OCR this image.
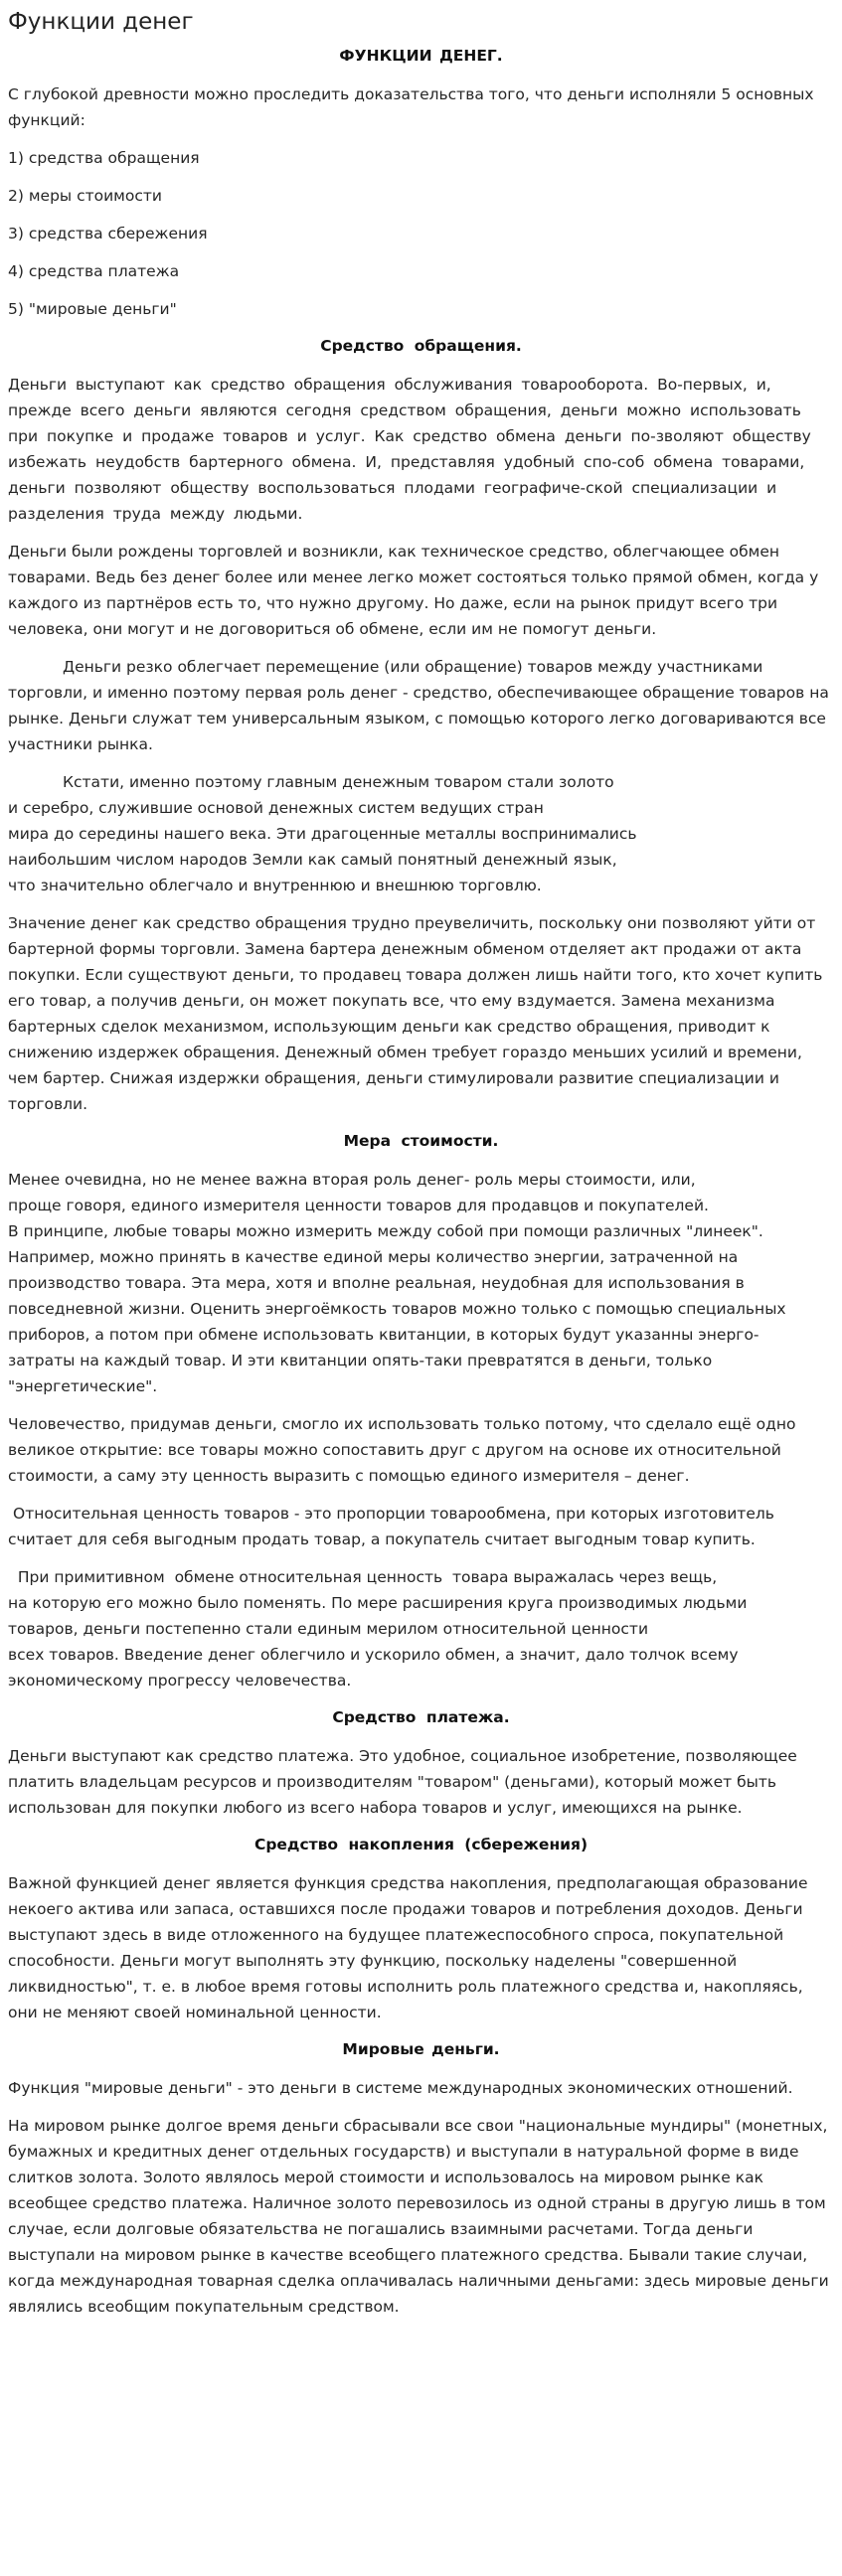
Функции денег
ФУНКЦИИ ДЕНЕГ.

С глубокой древности можно проследить доказательства того, что деньги исполняли 5 основных функций:

1) средства обращения

2) меры стоимости

3) средства сбережения

4) средства платежа

5) "мировые деньги"

Средство обращения.

Деньги выступают как средство обращения обслуживания товарооборота. Во-первых, и, прежде всего деньги являются сегодня средством обращения, деньги можно использовать при покупке и продаже товаров и услуг. Как средство обмена деньги по-зволяют обществу избежать неудобств бартерного обмена. И, представляя удобный спо-соб обмена товарами, деньги позволяют обществу воспользоваться плодами географиче-ской специализации и разделения труда между людьми.

Деньги были рождены торговлей и возникли, как техническое средство, облегчающее обмен товарами. Ведь без денег более или менее легко может состояться только прямой обмен, когда у каждого из партнёров есть то, что нужно другому. Но даже, если на рынок придут всего три человека, они могут и не договориться об обмене, если им не помогут деньги.

Деньги резко облегчает перемещение (или обращение) товаров между участниками торговли, и именно поэтому первая роль денег - средство, обеспечивающее обращение товаров на рынке. Деньги служат тем универсальным языком, с помощью которого легко договариваются все участники рынка.

Кстати, именно поэтому главным денежным товаром стали золото
и серебро, служившие основой денежных систем ведущих стран
мира до середины нашего века. Эти драгоценные металлы воспринимались
наибольшим числом народов Земли как самый понятный денежный язык,
что значительно облегчало и внутреннюю и внешнюю торговлю.

Значение денег как средство обращения трудно преувеличить, поскольку они позволяют уйти от бартерной формы торговли. Замена бартера денежным обменом отделяет акт продажи от акта покупки. Если существуют деньги, то продавец товара должен лишь найти того, кто хочет купить его товар, а получив деньги, он может покупать все, что ему вздумается. Замена механизма бартерных сделок механизмом, использующим деньги как средство обращения, приводит к снижению издержек обращения. Денежный обмен требует гораздо меньших усилий и времени, чем бартер. Снижая издержки обращения, деньги стимулировали развитие специализации и торговли.

Мера стоимости.

Менее очевидна, но не менее важна вторая роль денег- роль меры стоимости, или,
проще говоря, единого измерителя ценности товаров для продавцов и покупателей.
В принципе, любые товары можно измерить между собой при помощи различных "линеек".
Например, можно принять в качестве единой меры количество энергии, затраченной на
производство товара. Эта мера, хотя и вполне реальная, неудобная для использования в
повседневной жизни. Оценить энергоёмкость товаров можно только с помощью специальных
приборов, а потом при обмене использовать квитанции, в которых будут указанны энерго-
затраты на каждый товар. И эти квитанции опять-таки превратятся в деньги, только
"энергетические".

Человечество, придумав деньги, смогло их использовать только потому, что сделало ещё одно великое открытие: все товары можно сопоставить друг с другом на основе их относительной стоимости, а саму эту ценность выразить с помощью единого измерителя – денег.

Относительная ценность товаров - это пропорции товарообмена, при которых изготовитель считает для себя выгодным продать товар, а покупатель считает выгодным товар купить.

При примитивном  обмене относительная ценность  товара выражалась через вещь,
на которую его можно было поменять. По мере расширения круга производимых людьми
товаров, деньги постепенно стали единым мерилом относительной ценности
всех товаров. Введение денег облегчило и ускорило обмен, а значит, дало толчок всему
экономическому прогрессу человечества.

Средство платежа.

Деньги выступают как средство платежа. Это удобное, социальное изобретение, позволяющее платить владельцам ресурсов и производителям "товаром" (деньгами), который может быть использован для покупки любого из всего набора товаров и услуг, имеющихся на рынке.

Средство накопления (сбережения)

Важной функцией денег является функция средства накопления, предполагающая образование некоего актива или запаса, оставшихся после продажи товаров и потребления доходов. Деньги выступают здесь в виде отложенного на будущее платежеспособного спроса, покупательной способности. Деньги могут выполнять эту функцию, поскольку наделены "совершенной ликвидностью", т. е. в любое время готовы исполнить роль платежного средства и, накопляясь, они не меняют своей номинальной ценности.

Мировые деньги.

Функция "мировые деньги" - это деньги в системе международных экономических отношений.

На мировом рынке долгое время деньги сбрасывали все свои "национальные мундиры" (монетных, бумажных и кредитных денег отдельных государств) и выступали в натуральной форме в виде слитков золота. Золото являлось мерой стоимости и использовалось на мировом рынке как всеобщее средство платежа. Наличное золото перевозилось из одной страны в другую лишь в том случае, если долговые обязательства не погашались взаимными расчетами. Тогда деньги выступали на мировом рынке в качестве всеобщего платежного средства. Бывали такие случаи, когда международная товарная сделка оплачивалась наличными деньгами: здесь мировые деньги являлись всеобщим покупательным средством.
